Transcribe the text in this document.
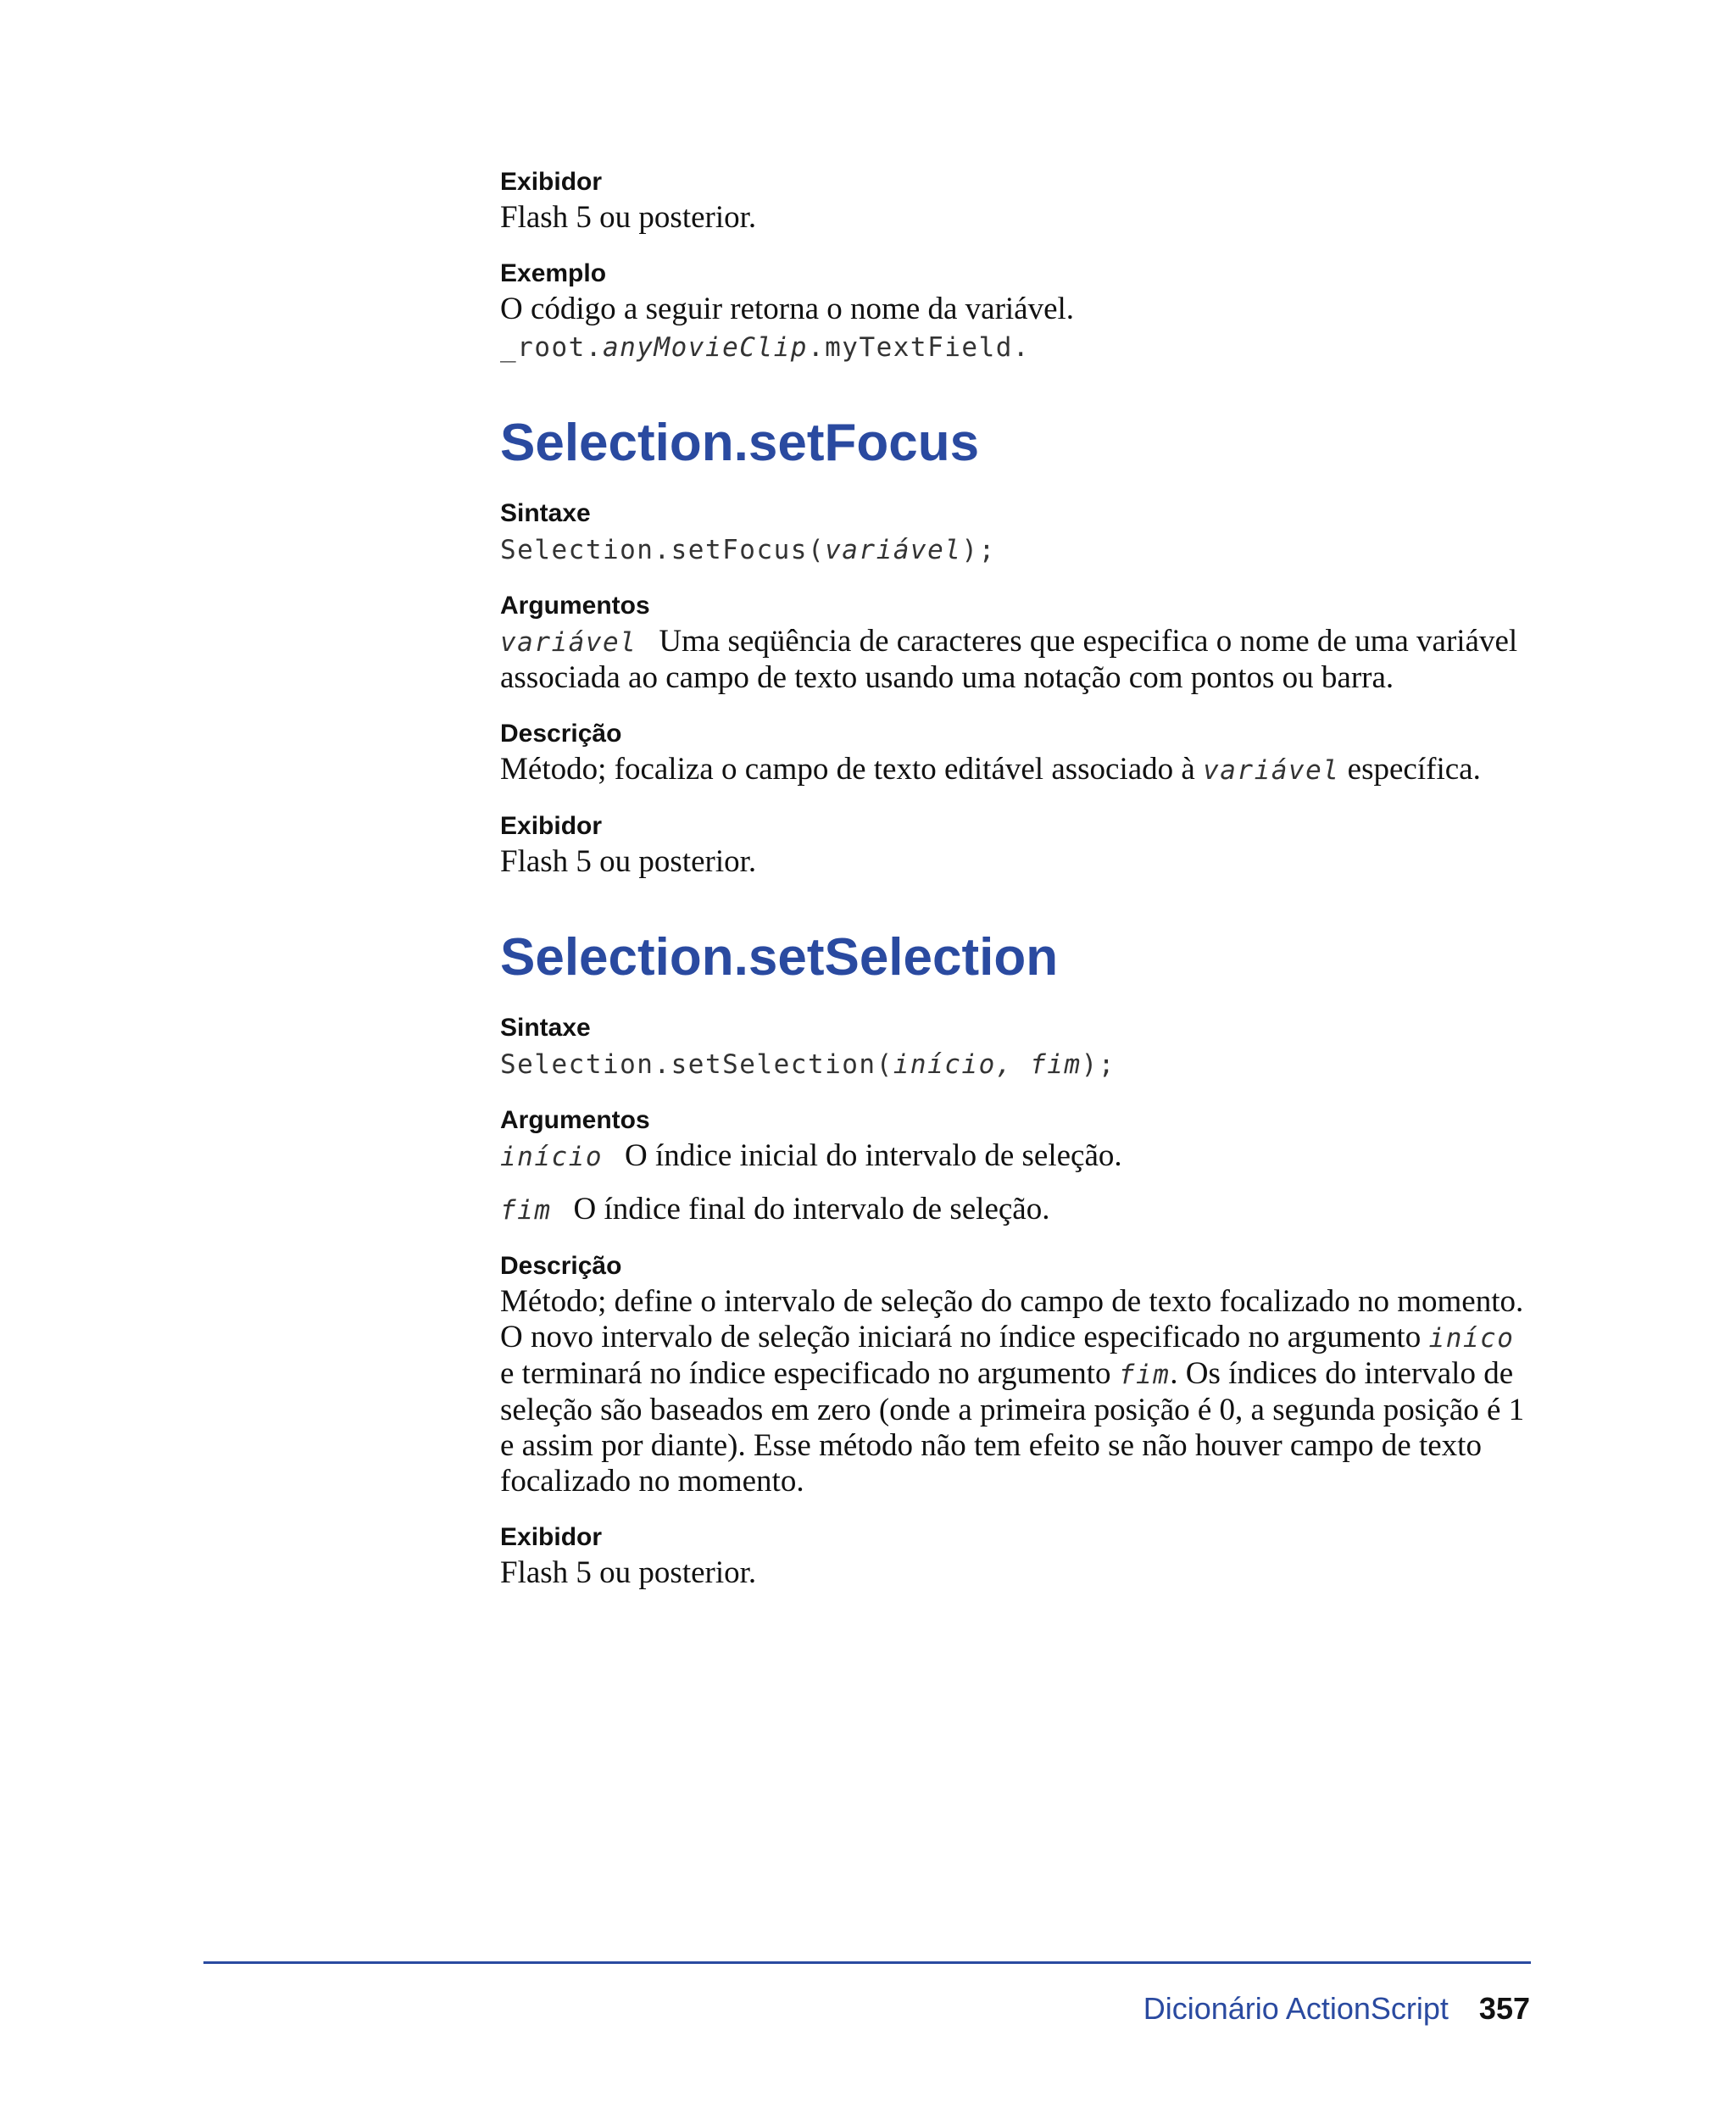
Exibidor

Flash 5 ou posterior.

Exemplo

O código a seguir retorna o nome da variável.

_root.anyMovieClip.myTextField.

Selection.setFocus

Sintaxe

Selection.setFocus(variável);

Argumentos

variável Uma seqüência de caracteres que especifica o nome de uma variável associada ao campo de texto usando uma notação com pontos ou barra.

Descrição

Método; focaliza o campo de texto editável associado à variável específica.

Exibidor

Flash 5 ou posterior.

Selection.setSelection

Sintaxe

Selection.setSelection(início, fim);

Argumentos

início O índice inicial do intervalo de seleção.

fim O índice final do intervalo de seleção.

Descrição

Método; define o intervalo de seleção do campo de texto focalizado no momento. O novo intervalo de seleção iniciará no índice especificado no argumento iníco e terminará no índice especificado no argumento fim. Os índices do intervalo de seleção são baseados em zero (onde a primeira posição é 0, a segunda posição é 1 e assim por diante). Esse método não tem efeito se não houver campo de texto focalizado no momento.

Exibidor

Flash 5 ou posterior.

Dicionário ActionScript 357
